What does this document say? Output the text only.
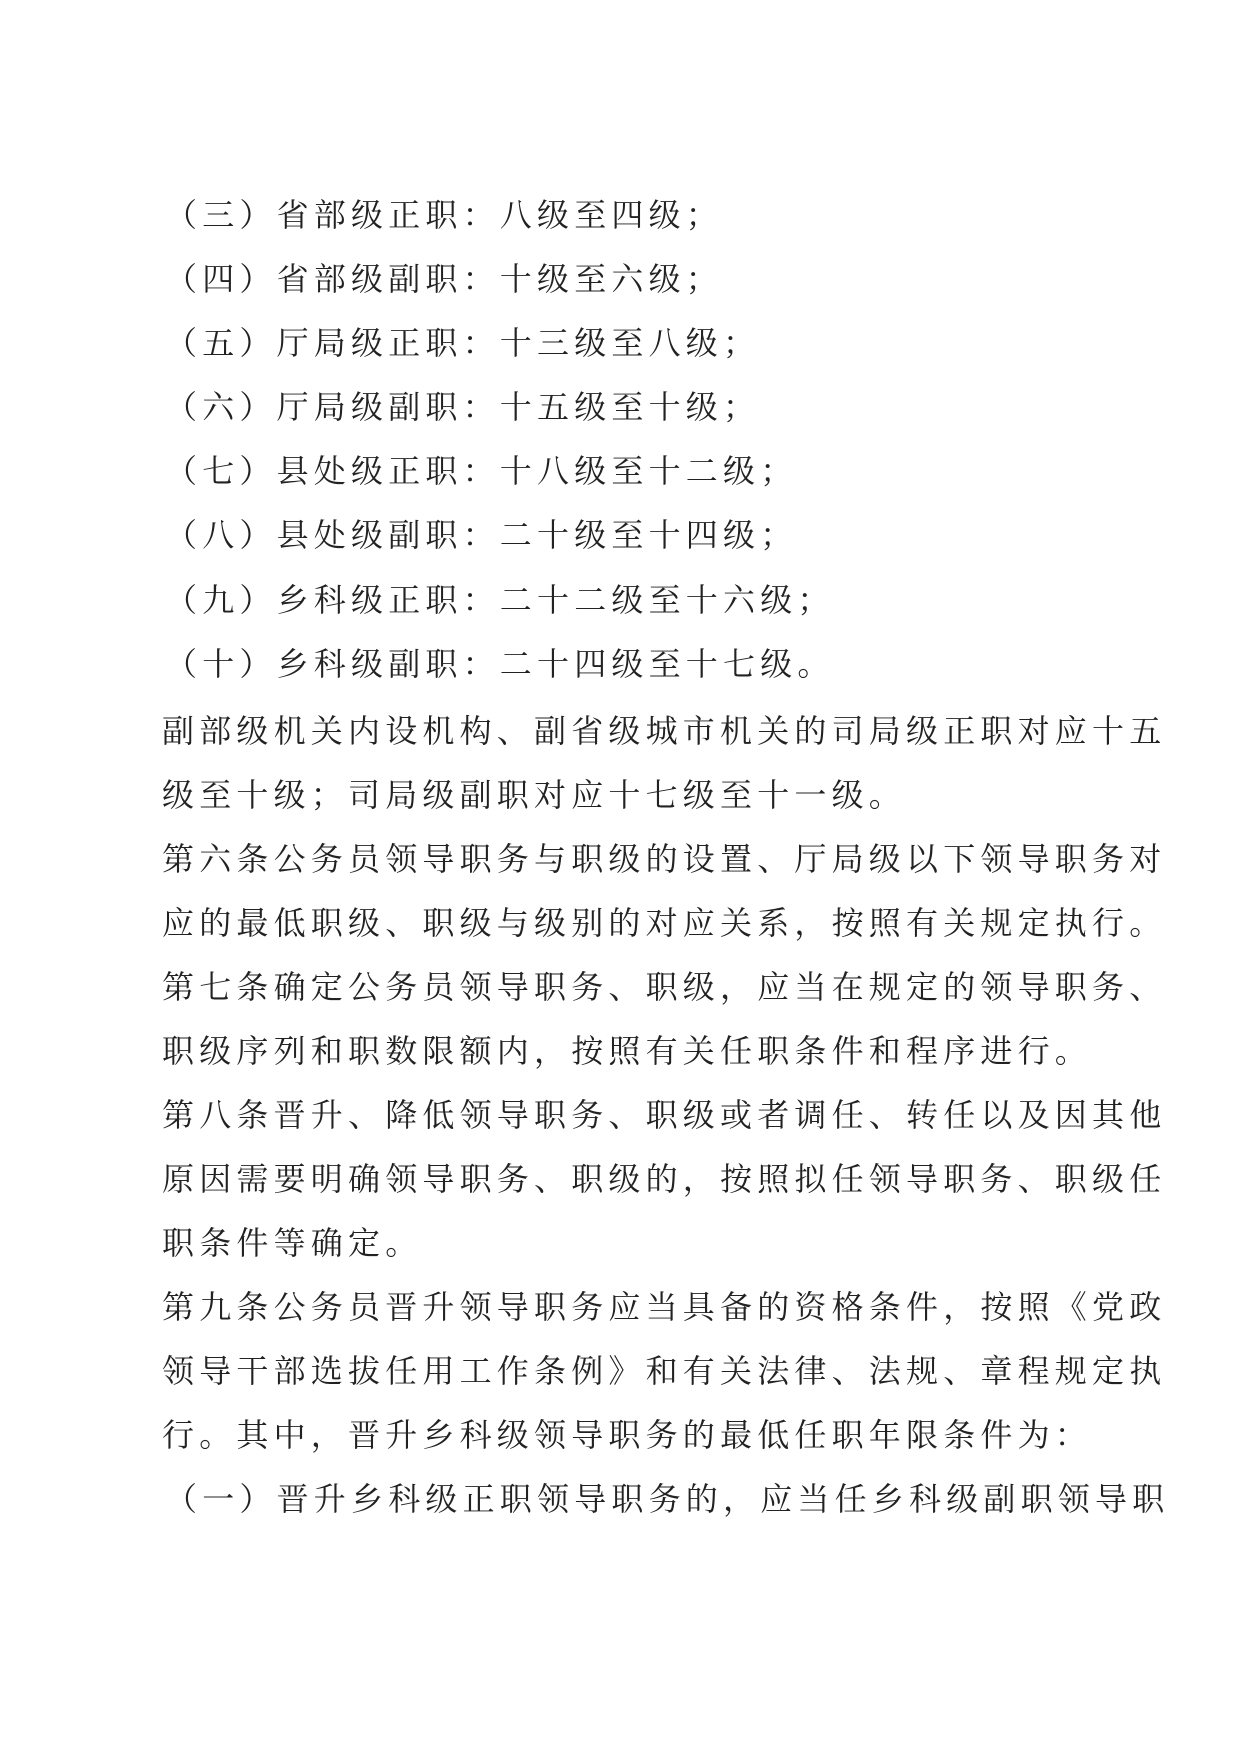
（三）省部级正职：八级至四级；
（四）省部级副职：十级至六级；
（五）厅局级正职：十三级至八级；
（六）厅局级副职：十五级至十级；
（七）县处级正职：十八级至十二级；
（八）县处级副职：二十级至十四级；
（九）乡科级正职：二十二级至十六级；
（十）乡科级副职：二十四级至十七级。
副部级机关内设机构、副省级城市机关的司局级正职对应十五
级至十级；司局级副职对应十七级至十一级。
第六条公务员领导职务与职级的设置、厅局级以下领导职务对
应的最低职级、职级与级别的对应关系，按照有关规定执行。
第七条确定公务员领导职务、职级，应当在规定的领导职务、
职级序列和职数限额内，按照有关任职条件和程序进行。
第八条晋升、降低领导职务、职级或者调任、转任以及因其他
原因需要明确领导职务、职级的，按照拟任领导职务、职级任
职条件等确定。
第九条公务员晋升领导职务应当具备的资格条件，按照《党政
领导干部选拔任用工作条例》和有关法律、法规、章程规定执
行。其中，晋升乡科级领导职务的最低任职年限条件为：
（一）晋升乡科级正职领导职务的，应当任乡科级副职领导职
